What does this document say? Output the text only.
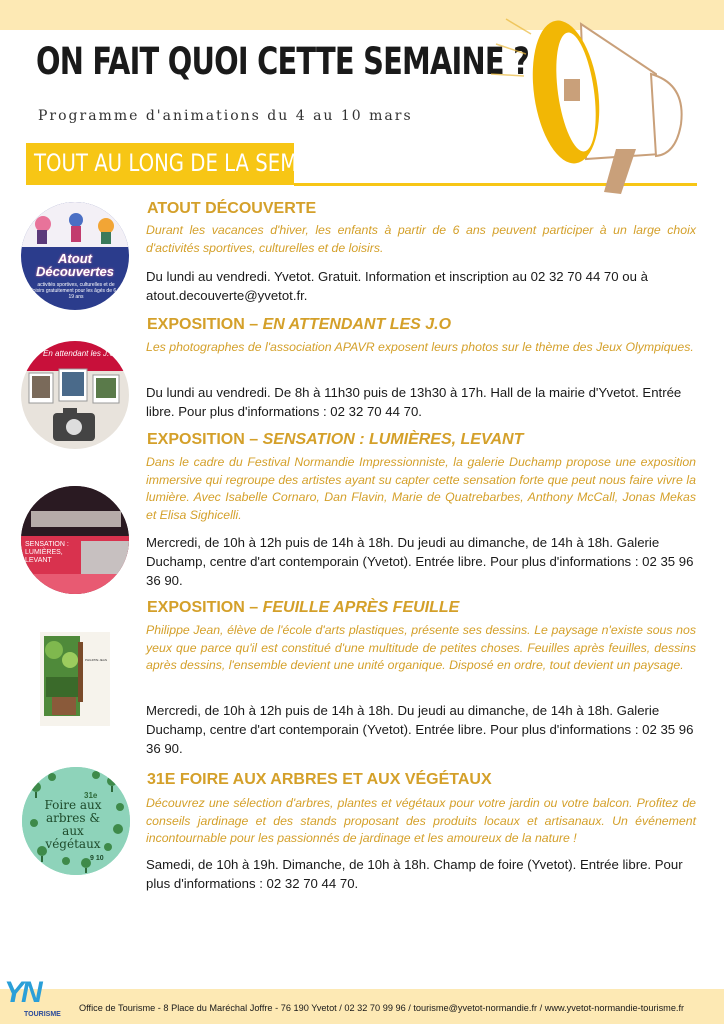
ON FAIT QUOI CETTE SEMAINE ?
Programme d'animations du 4 au 10 mars
TOUT AU LONG DE LA SEMAINE
Atout Découvertes
activités sportives, culturelles et de loisirs gratuitement pour les âgés de 6 à 19 ans
ATOUT DÉCOUVERTE
Durant les vacances d'hiver, les enfants à partir de 6 ans peuvent participer à un large choix d'activités sportives, culturelles et de loisirs.
Du lundi au vendredi. Yvetot. Gratuit. Information et inscription au 02 32 70 44 70 ou à atout.decouverte@yvetot.fr.
En attendant les J.O
EXPOSITION – EN ATTENDANT LES J.O
Les photographes de l'association APAVR exposent leurs photos sur le thème des Jeux Olympiques.
Du lundi au vendredi. De 8h à 11h30 puis de 13h30 à 17h. Hall de la mairie d'Yvetot. Entrée libre. Pour plus d'informations : 02 32 70 44 70.
SENSATION : LUMIÈRES, LEVANT
EXPOSITION – SENSATION : LUMIÈRES, LEVANT
Dans le cadre du Festival Normandie Impressionniste, la galerie Duchamp propose une exposition immersive qui regroupe des artistes ayant su capter cette sensation forte que peut nous faire vivre la lumière. Avec Isabelle Cornaro, Dan Flavin, Marie de Quatrebarbes, Anthony McCall, Jonas Mekas et Elisa Sighicelli.
Mercredi, de 10h à 12h puis de 14h à 18h. Du jeudi au dimanche, de 14h à 18h. Galerie Duchamp, centre d'art contemporain (Yvetot). Entrée libre. Pour plus d'informations : 02 35 96 36 90.
PHILIPPE JEAN
EXPOSITION – FEUILLE APRÈS FEUILLE
Philippe Jean, élève de l'école d'arts plastiques, présente ses dessins. Le paysage n'existe sous nos yeux que parce qu'il est constitué d'une multitude de petites choses. Feuilles après feuilles, dessins après dessins, l'ensemble devient une unité organique. Disposé en ordre, tout devient un paysage.
Mercredi, de 10h à 12h puis de 14h à 18h. Du jeudi au dimanche, de 14h à 18h. Galerie Duchamp, centre d'art contemporain (Yvetot). Entrée libre. Pour plus d'informations : 02 35 96 36 90.
31e
Foire aux arbres & aux végétaux
9 10
31E FOIRE AUX ARBRES ET AUX VÉGÉTAUX
Découvrez une sélection d'arbres, plantes et végétaux pour votre jardin ou votre balcon. Profitez de conseils jardinage et des stands proposant des produits locaux et artisanaux. Un événement incontournable pour les passionnés de jardinage et les amoureux de la nature !
Samedi, de 10h à 19h. Dimanche, de 10h à 18h. Champ de foire (Yvetot). Entrée libre. Pour plus d'informations : 02 32 70 44 70.
YN
TOURISME
Office de Tourisme - 8 Place du Maréchal Joffre - 76 190 Yvetot / 02 32 70 99 96 / tourisme@yvetot-normandie.fr / www.yvetot-normandie-tourisme.fr
